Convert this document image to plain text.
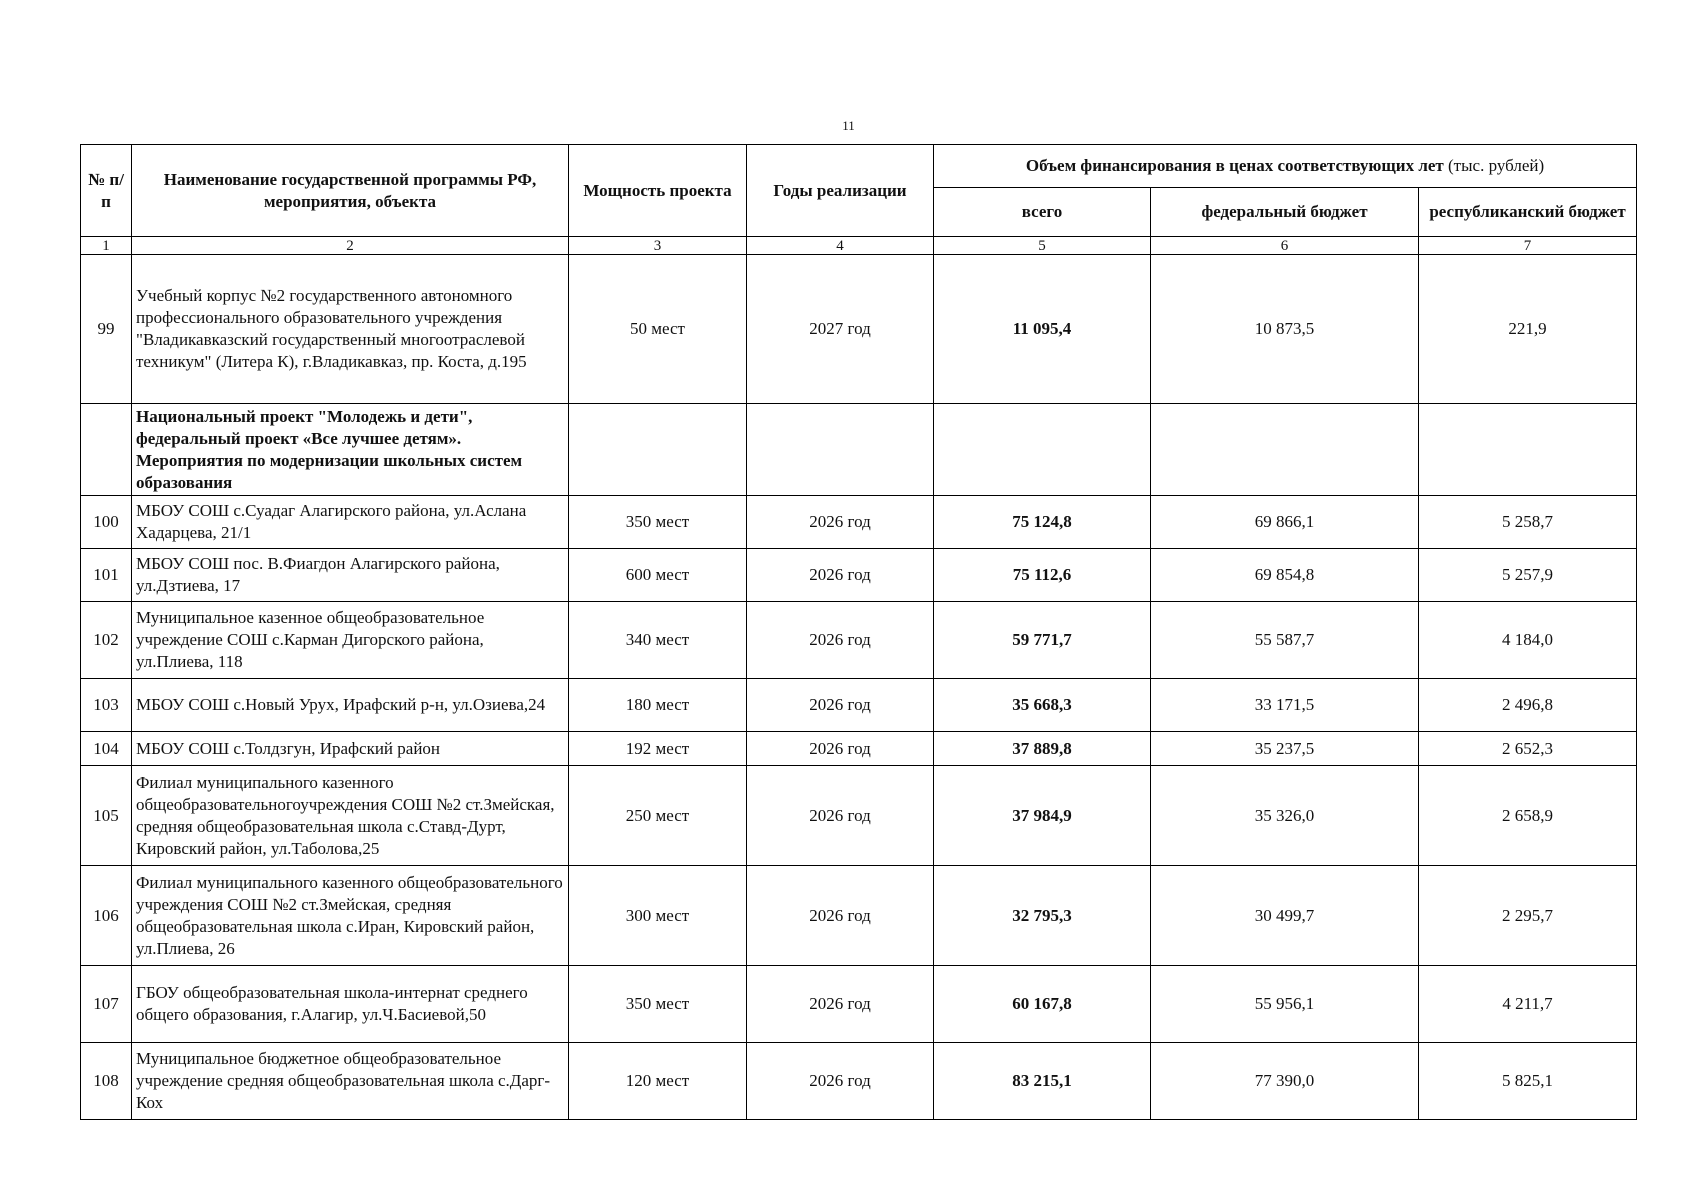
11
№ п/п	Наименование государственной программы РФ, мероприятия, объекта	Мощность проекта	Годы реализации	Объем финансирования в ценах соответствующих лет (тыс. рублей)		
				всего	федеральный бюджет	республиканский бюджет
1	2	3	4	5	6	7
99	Учебный корпус №2 государственного автономного профессионального образовательного учреждения "Владикавказский государственный многоотраслевой техникум" (Литера К), г.Владикавказ, пр. Коста, д.195	50 мест	2027 год	11 095,4	10 873,5	221,9
	Национальный проект "Молодежь и дети", федеральный проект «Все лучшее детям». Мероприятия по модернизации школьных систем образования					
100	МБОУ СОШ с.Суадаг Алагирского района, ул.Аслана Хадарцева, 21/1	350 мест	2026 год	75 124,8	69 866,1	5 258,7
101	МБОУ СОШ пос. В.Фиагдон Алагирского района, ул.Дзтиева, 17	600 мест	2026 год	75 112,6	69 854,8	5 257,9
102	Муниципальное казенное общеобразовательное учреждение СОШ с.Карман Дигорского района, ул.Плиева, 118	340 мест	2026 год	59 771,7	55 587,7	4 184,0
103	МБОУ СОШ с.Новый Урух, Ирафский р-н, ул.Озиева,24	180 мест	2026 год	35 668,3	33 171,5	2 496,8
104	МБОУ СОШ с.Толдзгун, Ирафский район	192 мест	2026 год	37 889,8	35 237,5	2 652,3
105	Филиал муниципального казенного общеобразовательногоучреждения СОШ №2 ст.Змейская, средняя общеобразовательная школа с.Ставд-Дурт, Кировский район, ул.Таболова,25	250 мест	2026 год	37 984,9	35 326,0	2 658,9
106	Филиал муниципального казенного общеобразовательного учреждения СОШ №2 ст.Змейская, средняя общеобразовательная школа с.Иран, Кировский район, ул.Плиева, 26	300 мест	2026 год	32 795,3	30 499,7	2 295,7
107	ГБОУ общеобразовательная школа-интернат среднего общего образования, г.Алагир, ул.Ч.Басиевой,50	350 мест	2026 год	60 167,8	55 956,1	4 211,7
108	Муниципальное бюджетное общеобразовательное учреждение средняя общеобразовательная школа с.Дарг-Кох	120 мест	2026 год	83 215,1	77 390,0	5 825,1
